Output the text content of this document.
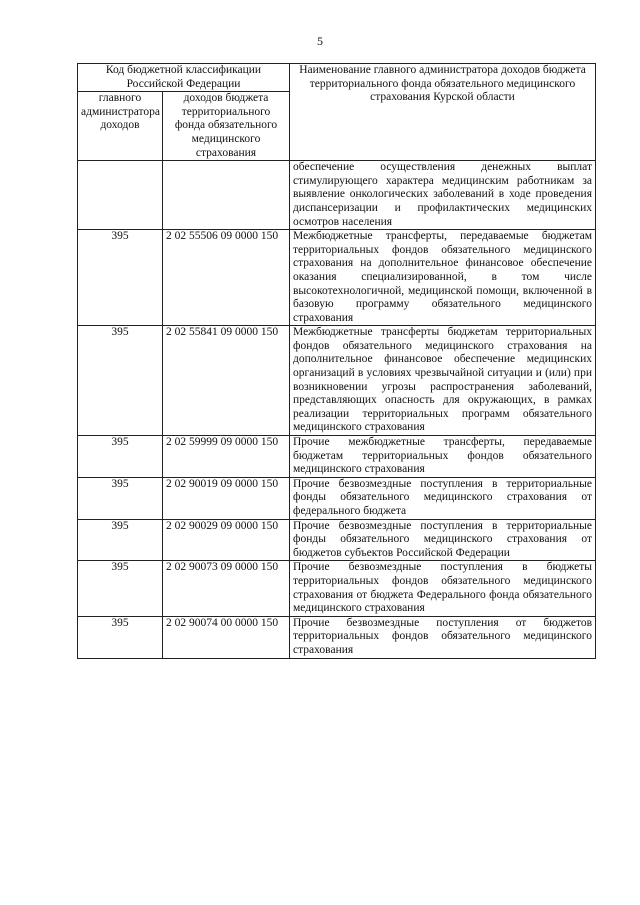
5
Код бюджетной классификации Российской Федерации		Наименование главного администратора доходов бюджета территориального фонда обязательного медицинского страхования Курской области
главного администратора доходов	доходов бюджета территориального фонда обязательного медицинского страхования	
		обеспечение осуществления денежных выплат стимулирующего характера медицинским работникам за выявление онкологических заболеваний в ходе проведения диспансеризации и профилактических медицинских осмотров населения
395	2 02 55506 09 0000 150	Межбюджетные трансферты, передаваемые бюджетам территориальных фондов обязательного медицинского страхования на дополнительное финансовое обеспечение оказания специализированной, в том числе высокотехнологичной, медицинской помощи, включенной в базовую программу обязательного медицинского страхования
395	2 02 55841 09 0000 150	Межбюджетные трансферты бюджетам территориальных фондов обязательного медицинского страхования на дополнительное финансовое обеспечение медицинских организаций в условиях чрезвычайной ситуации и (или) при возникновении угрозы распространения заболеваний, представляющих опасность для окружающих, в рамках реализации территориальных программ обязательного медицинского страхования
395	2 02 59999 09 0000 150	Прочие межбюджетные трансферты, передаваемые бюджетам территориальных фондов обязательного медицинского страхования
395	2 02 90019 09 0000 150	Прочие безвозмездные поступления в территориальные фонды обязательного медицинского страхования от федерального бюджета
395	2 02 90029 09 0000 150	Прочие безвозмездные поступления в территориальные фонды обязательного медицинского страхования от бюджетов субъектов Российской Федерации
395	2 02 90073 09 0000 150	Прочие безвозмездные поступления в бюджеты территориальных фондов обязательного медицинского страхования от бюджета Федерального фонда обязательного медицинского страхования
395	2 02 90074 00 0000 150	Прочие безвозмездные поступления от бюджетов территориальных фондов обязательного медицинского страхования
